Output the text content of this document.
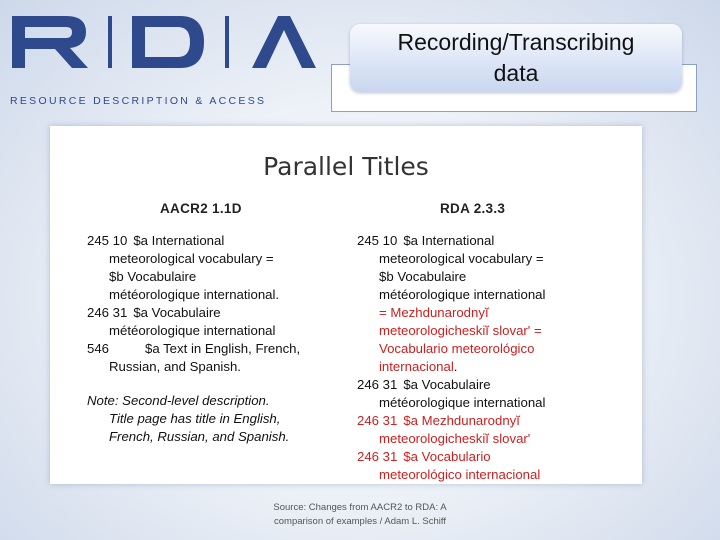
RESOURCE DESCRIPTION & ACCESS
Recording/Transcribing
data
Parallel Titles
AACR2 1.1D	RDA 2.3.3
245 10 $a International
meteorological vocabulary =
$b Vocabulaire
météorologique international.
246 31 $a Vocabulaire
météorologique international
546	$a Text in English, French,
Russian, and Spanish.
Note: Second-level description.
Title page has title in English,
French, Russian, and Spanish.
245 10 $a International
meteorological vocabulary =
$b Vocabulaire
météorologique international
= Mezhdunarodnyĭ
meteorologicheskiĭ slovar' =
Vocabulario meteorológico
internacional.
246 31 $a Vocabulaire
météorologique international
246 31 $a Mezhdunarodnyĭ
meteorologicheskiĭ slovar'
246 31 $a Vocabulario
meteorológico internacional
Source: Changes from AACR2 to RDA: A
comparison of examples / Adam L. Schiff
